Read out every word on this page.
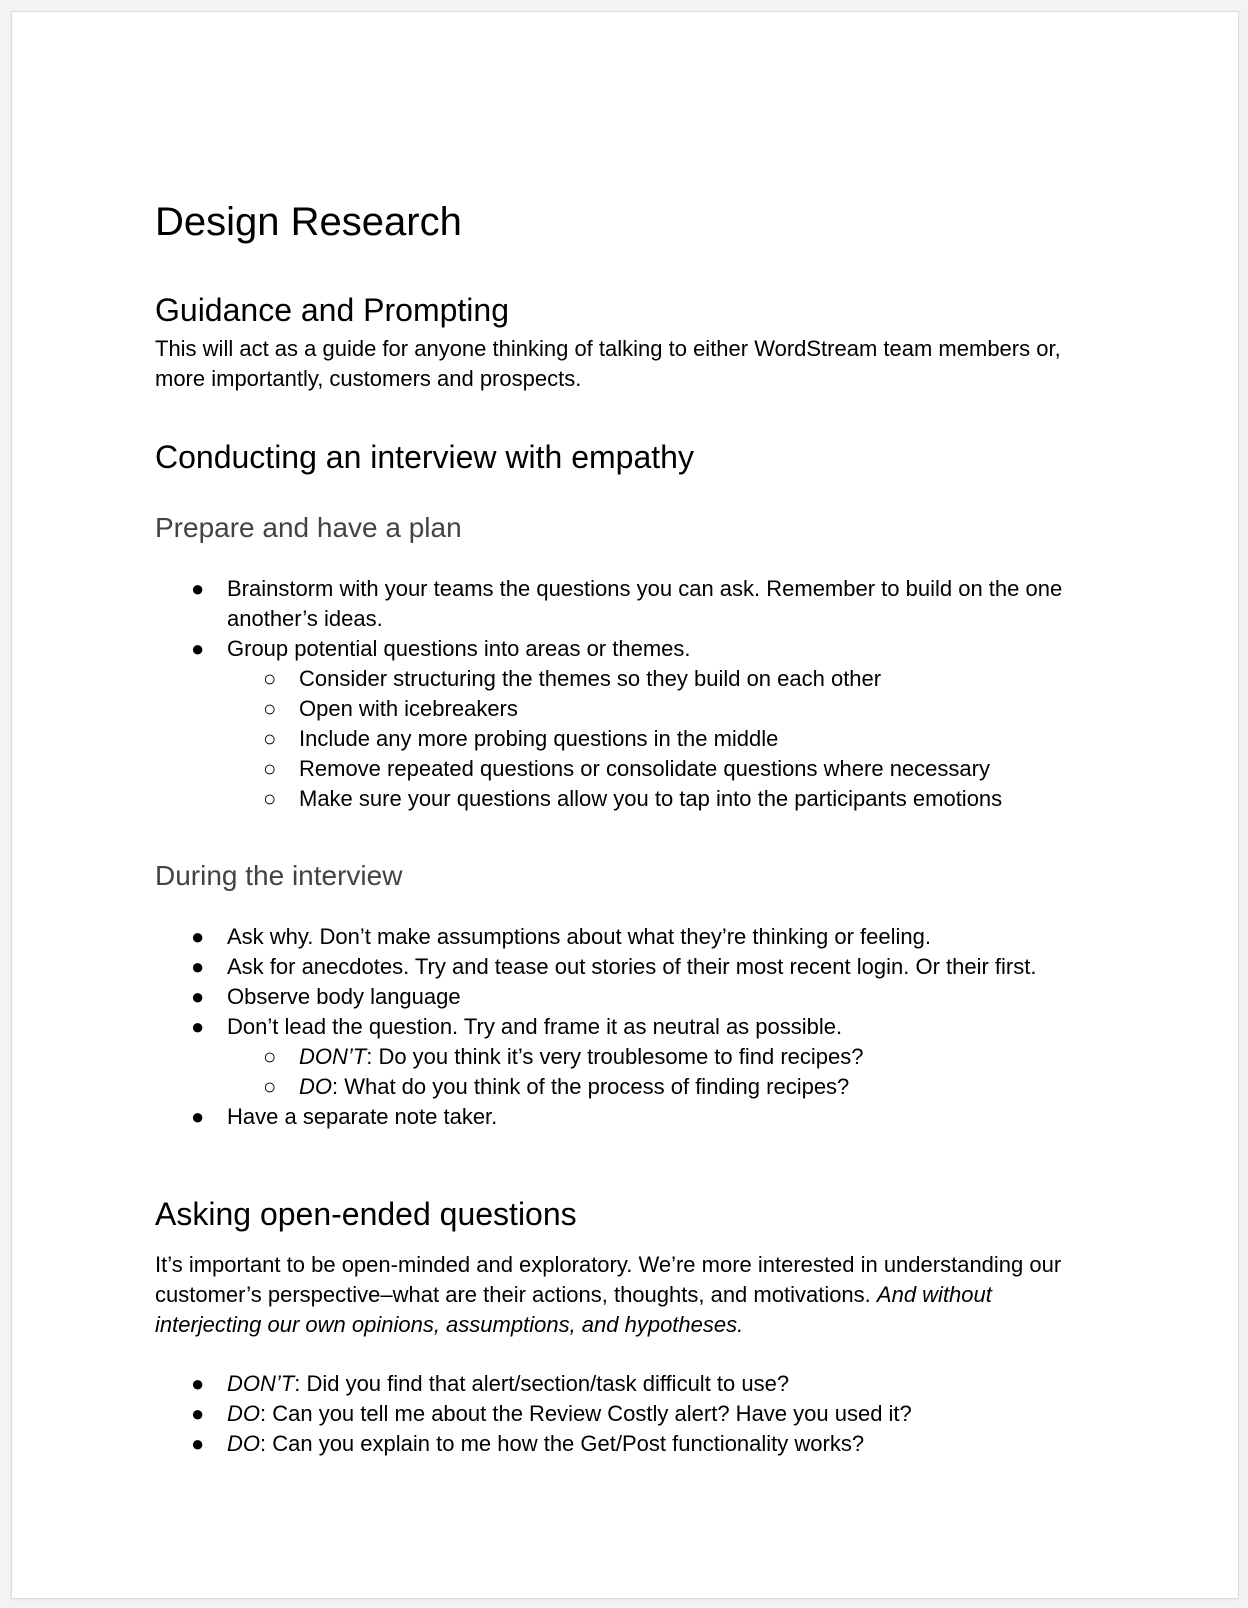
Design Research
Guidance and Prompting

This will act as a guide for anyone thinking of talking to either WordStream team members or, more importantly, customers and prospects.

Conducting an interview with empathy
Prepare and have a plan
● Brainstorm with your teams the questions you can ask. Remember to build on the one another’s ideas.
● Group potential questions into areas or themes.
○ Consider structuring the themes so they build on each other
○ Open with icebreakers
○ Include any more probing questions in the middle
○ Remove repeated questions or consolidate questions where necessary
○ Make sure your questions allow you to tap into the participants emotions
During the interview
● Ask why. Don’t make assumptions about what they’re thinking or feeling.
● Ask for anecdotes. Try and tease out stories of their most recent login. Or their first.
● Observe body language
● Don’t lead the question. Try and frame it as neutral as possible.
○ DON’T: Do you think it’s very troublesome to find recipes?
○ DO: What do you think of the process of finding recipes?
● Have a separate note taker.
Asking open-ended questions

It’s important to be open-minded and exploratory. We’re more interested in understanding our customer’s perspective–what are their actions, thoughts, and motivations. And without interjecting our own opinions, assumptions, and hypotheses.

● DON’T: Did you find that alert/section/task difficult to use?
● DO: Can you tell me about the Review Costly alert? Have you used it?
● DO: Can you explain to me how the Get/Post functionality works?
